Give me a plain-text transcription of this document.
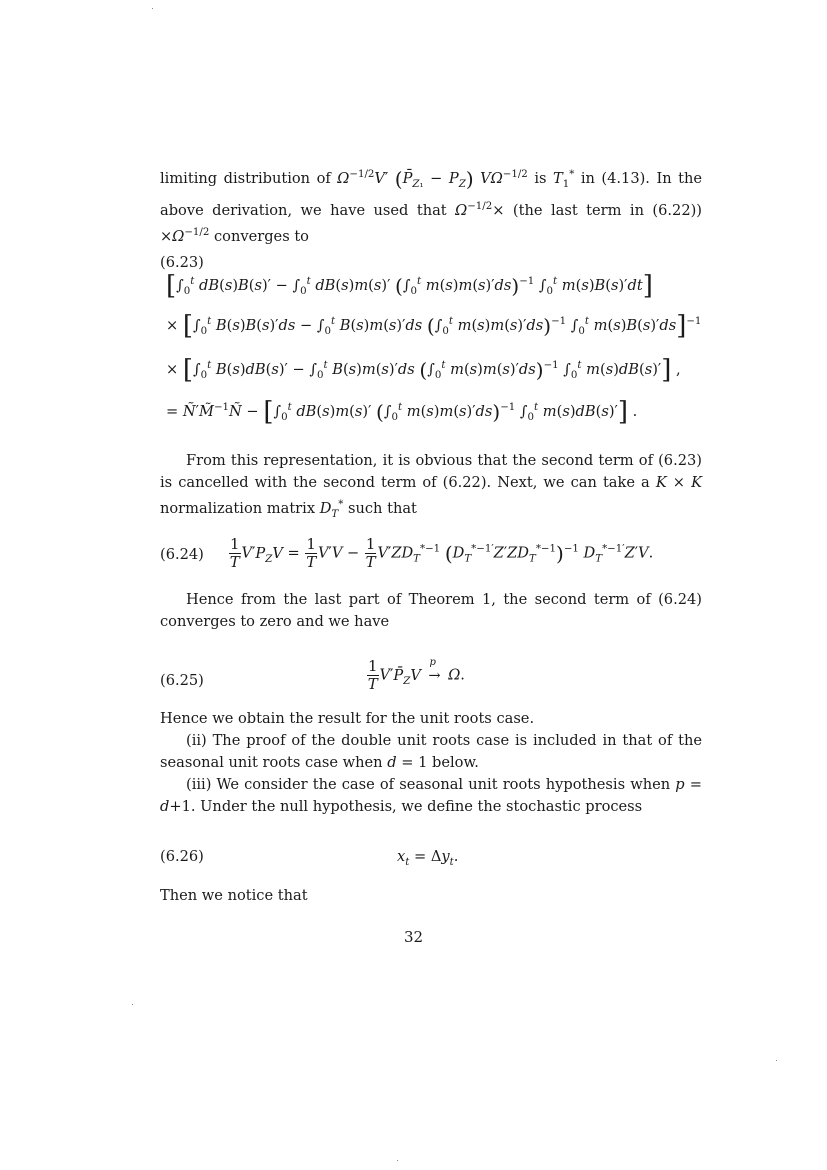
limiting distribution of $\Omega^{-1/2}V'$ $(P̄_{Z_1} - P_Z)$ $V\Omega^{-1/2}$ is $T_1^*$ in (4.13). In the above derivation, we have used that $\Omega^{-1/2}\times (the$ last term in $(6.22)) \times\Omega^{-1/2}$ converges to

(6.23)
[$\int_0^t$ $dB(s)B(s)' - \int_0^t$ dB(s)m(s)′ ($\int_0^t$ m(s)m(s)′ds)$^{-1}$ $\int_0^t$ m(s)B(s)′dt]
× [$\int_0^t$ $B(s)B(s)'ds - \int_0^t$ B(s)m(s)′ds ($\int_0^t$ m(s)m(s)′ds)$^{-1}$ $\int_0^t$ m(s)B(s)′ds]$^{-1}$
× [$\int_0^t$ $B(s)dB(s)' - \int_0^t$ B(s)m(s)′ds ($\int_0^t$ m(s)m(s)′ds)$^{-1}$ $\int_0^t$ m(s)dB(s)′] ,
= Ñ′M̃$^{-1}$Ñ − [$\int_0^t$ dB(s)m(s)′ ($\int_0^t$ m(s)m(s)′ds)$^{-1}$ $\int_0^t$ m(s)dB(s)′] .

From this representation, it is obvious that the second term of (6.23) is cancelled with the second term of (6.22). Next, we can take a K × K normalization matrix $D_T^*$ such that

$(6.24) \frac{1}{T} V'P_ZV = \frac{1}{T} V'V - \frac{1}{T} V'ZD_T^{*-1}$ $(D_T^{*-1'}Z'ZD_T^{*-1})^{-1}$ $D_T^{*-1'}Z'V$.

Hence from the last part of Theorem 1, the second term of (6.24) converges to zero and we have

(6.25)	$\frac{1}{T}$ $V'P̄_ZV$
p
→ Ω.

Hence we obtain the result for the unit roots case.

(ii) The proof of the double unit roots case is included in that of the seasonal unit roots case when d = 1 below.

(iii) We consider the case of seasonal unit roots hypothesis when p = d+1. Under the null hypothesis, we define the stochastic process

(6.26)	$x_t = \Delta y_t$.

Then we notice that

32
